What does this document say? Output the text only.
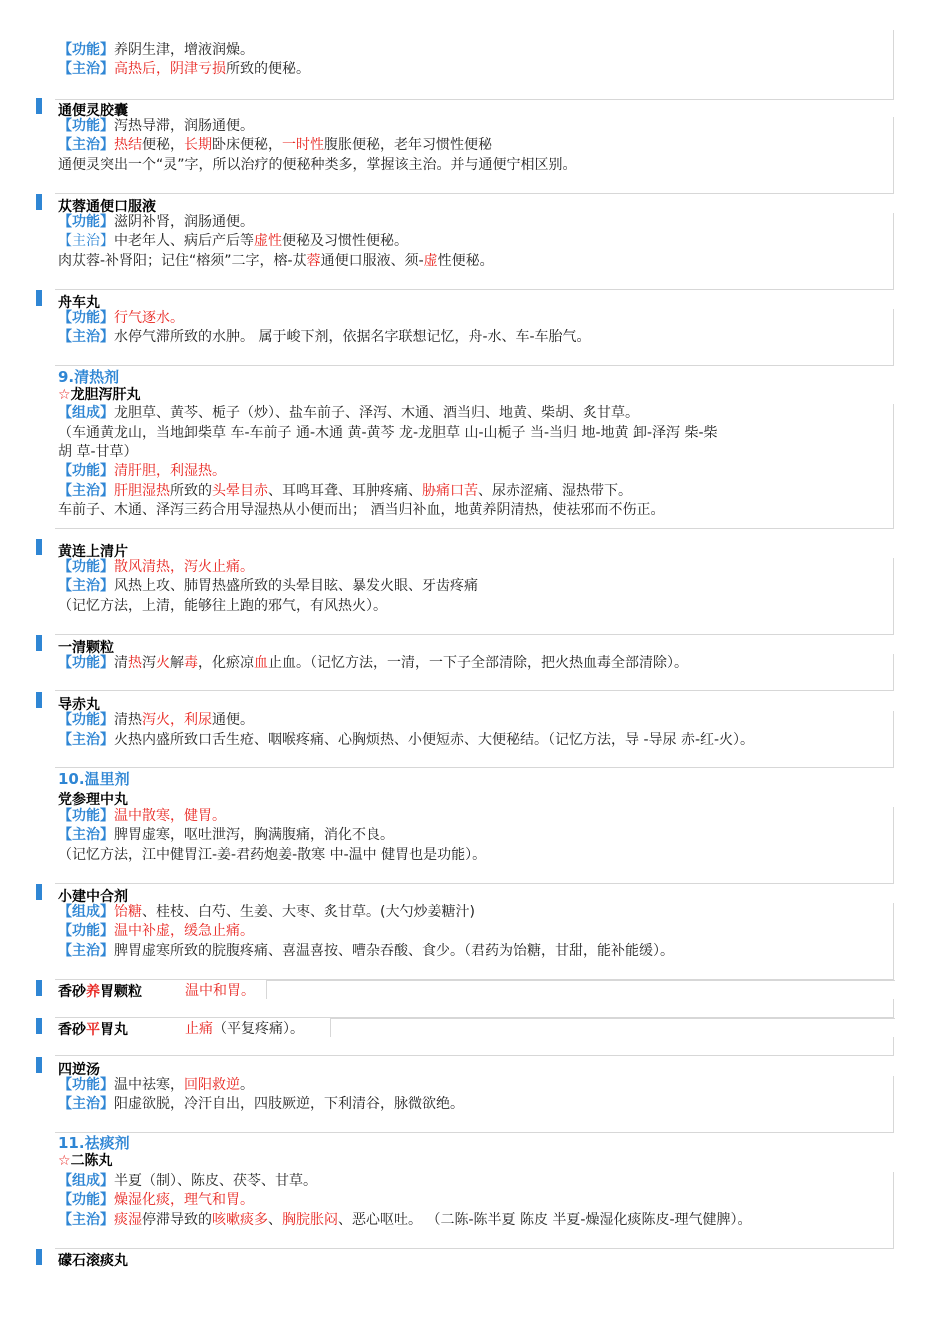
【功能】养阴生津，增液润燥。
【主治】高热后，阴津亏损所致的便秘。
通便灵胶囊
【功能】泻热导滞，润肠通便。
【主治】热结便秘，长期卧床便秘，一时性腹胀便秘，老年习惯性便秘
通便灵突出一个“灵”字，所以治疗的便秘种类多，掌握该主治。并与通便宁相区别。
苁蓉通便口服液
【功能】滋阴补肾，润肠通便。
【主治】中老年人、病后产后等虚性便秘及习惯性便秘。
肉苁蓉-补肾阳；记住“榕须”二字，榕-苁蓉通便口服液、须-虚性便秘。
舟车丸
【功能】行气逐水。
【主治】水停气滞所致的水肿。 属于峻下剂，依据名字联想记忆，舟-水、车-车胎气。
9.清热剂
☆龙胆泻肝丸
【组成】龙胆草、黄芩、栀子（炒）、盐车前子、泽泻、木通、酒当归、地黄、柴胡、炙甘草。
（车通黄龙山，当地卸柴草 车-车前子 通-木通 黄-黄芩 龙-龙胆草 山-山栀子 当-当归 地-地黄 卸-泽泻 柴-柴
胡 草-甘草）
【功能】清肝胆，利湿热。
【主治】肝胆湿热所致的头晕目赤、耳鸣耳聋、耳肿疼痛、胁痛口苦、尿赤涩痛、湿热带下。
车前子、木通、泽泻三药合用导湿热从小便而出； 酒当归补血，地黄养阴清热，使祛邪而不伤正。
黄连上清片
【功能】散风清热，泻火止痛。
【主治】风热上攻、肺胃热盛所致的头晕目眩、暴发火眼、牙齿疼痛
（记忆方法，上清，能够往上跑的邪气，有风热火）。
一清颗粒
【功能】清热泻火解毒，化瘀凉血止血。（记忆方法，一清，一下子全部清除，把火热血毒全部清除）。
导赤丸
【功能】清热泻火，利尿通便。
【主治】火热内盛所致口舌生疮、咽喉疼痛、心胸烦热、小便短赤、大便秘结。（记忆方法，导 -导尿 赤-红-火）。
10.温里剂
党参理中丸
【功能】温中散寒，健胃。
【主治】脾胃虚寒，呕吐泄泻，胸满腹痛，消化不良。
（记忆方法，江中健胃江-姜-君药炮姜-散寒 中-温中 健胃也是功能）。
小建中合剂
【组成】饴糖、桂枝、白芍、生姜、大枣、炙甘草。(大勺炒姜糖汁)
【功能】温中补虚，缓急止痛。
【主治】脾胃虚寒所致的脘腹疼痛、喜温喜按、嘈杂吞酸、食少。（君药为饴糖，甘甜，能补能缓）。
香砂养胃颗粒	温中和胃。
香砂平胃丸	止痛（平复疼痛）。
四逆汤
【功能】温中祛寒，回阳救逆。
【主治】阳虚欲脱，冷汗自出，四肢厥逆，下利清谷，脉微欲绝。
11.祛痰剂
☆二陈丸
【组成】半夏（制）、陈皮、茯苓、甘草。
【功能】燥湿化痰，理气和胃。
【主治】痰湿停滞导致的咳嗽痰多、胸脘胀闷、恶心呕吐。 （二陈-陈半夏 陈皮 半夏-燥湿化痰陈皮-理气健脾）。
礞石滚痰丸
